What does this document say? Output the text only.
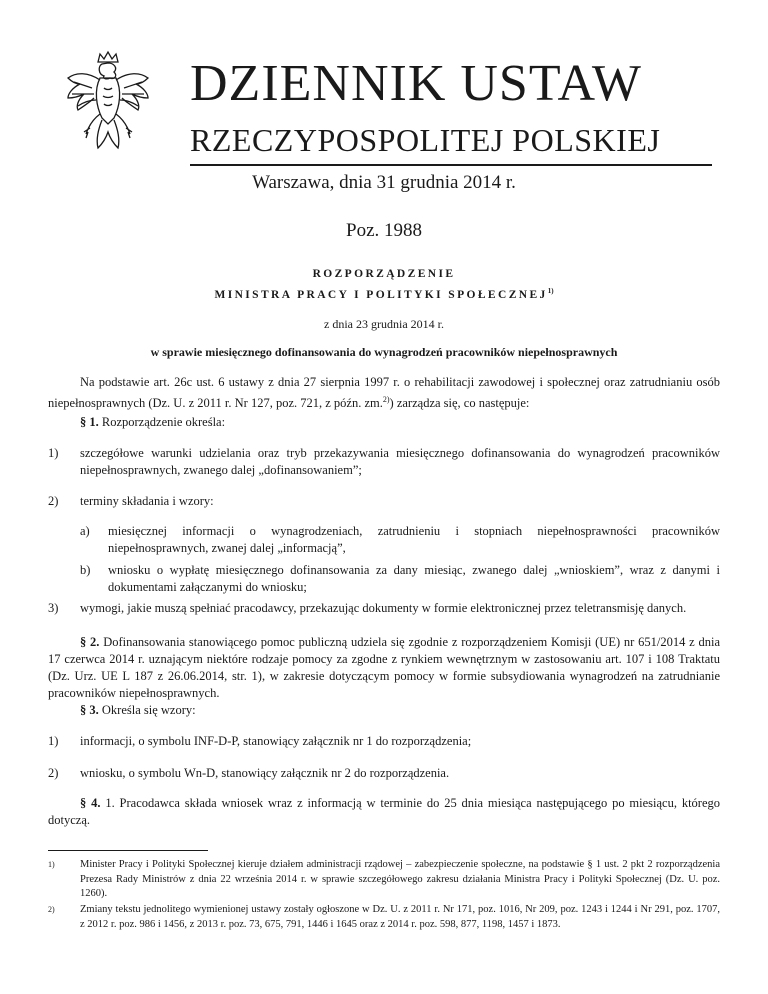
DZIENNIK USTAW
RZECZYPOSPOLITEJ POLSKIEJ
Warszawa, dnia 31 grudnia 2014 r.
Poz. 1988
ROZPORZĄDZENIE
MINISTRA PRACY I POLITYKI SPOŁECZNEJ$^{1)}$
z dnia 23 grudnia 2014 r.
w sprawie miesięcznego dofinansowania do wynagrodzeń pracowników niepełnosprawnych
Na podstawie art. 26c ust. 6 ustawy z dnia 27 sierpnia 1997 r. o rehabilitacji zawodowej i społecznej oraz zatrudnianiu osób niepełnosprawnych (Dz. U. z 2011 r. Nr 127, poz. 721, z późn. zm.$^{2)}$) zarządza się, co następuje:
§ 1. Rozporządzenie określa:
1) szczegółowe warunki udzielania oraz tryb przekazywania miesięcznego dofinansowania do wynagrodzeń pracowników niepełnosprawnych, zwanego dalej „dofinansowaniem”;
2) terminy składania i wzory:
a) miesięcznej informacji o wynagrodzeniach, zatrudnieniu i stopniach niepełnosprawności pracowników niepełnosprawnych, zwanej dalej „informacją”,
b) wniosku o wypłatę miesięcznego dofinansowania za dany miesiąc, zwanego dalej „wnioskiem”, wraz z danymi i dokumentami załączanymi do wniosku;
3) wymogi, jakie muszą spełniać pracodawcy, przekazując dokumenty w formie elektronicznej przez teletransmisję danych.
§ 2. Dofinansowania stanowiącego pomoc publiczną udziela się zgodnie z rozporządzeniem Komisji (UE) nr 651/2014 z dnia 17 czerwca 2014 r. uznającym niektóre rodzaje pomocy za zgodne z rynkiem wewnętrznym w zastosowaniu art. 107 i 108 Traktatu (Dz. Urz. UE L 187 z 26.06.2014, str. 1), w zakresie dotyczącym pomocy w formie subsydiowania wynagrodzeń na zatrudnianie pracowników niepełnosprawnych.
§ 3. Określa się wzory:
1) informacji, o symbolu INF-D-P, stanowiący załącznik nr 1 do rozporządzenia;
2) wniosku, o symbolu Wn-D, stanowiący załącznik nr 2 do rozporządzenia.
§ 4. 1. Pracodawca składa wniosek wraz z informacją w terminie do 25 dnia miesiąca następującego po miesiącu, którego dotyczą.
1) Minister Pracy i Polityki Społecznej kieruje działem administracji rządowej – zabezpieczenie społeczne, na podstawie § 1 ust. 2 pkt 2 rozporządzenia Prezesa Rady Ministrów z dnia 22 września 2014 r. w sprawie szczegółowego zakresu działania Ministra Pracy i Polityki Społecznej (Dz. U. poz. 1260).
2) Zmiany tekstu jednolitego wymienionej ustawy zostały ogłoszone w Dz. U. z 2011 r. Nr 171, poz. 1016, Nr 209, poz. 1243 i 1244 i Nr 291, poz. 1707, z 2012 r. poz. 986 i 1456, z 2013 r. poz. 73, 675, 791, 1446 i 1645 oraz z 2014 r. poz. 598, 877, 1198, 1457 i 1873.
